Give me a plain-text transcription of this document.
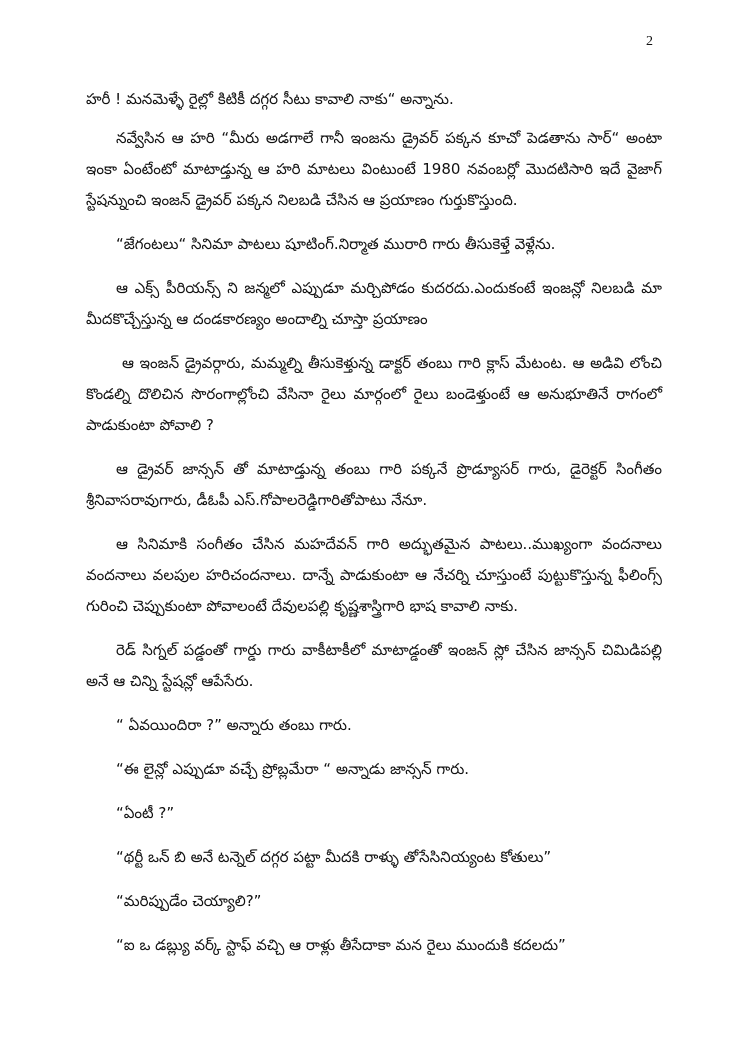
2

హరీ ! మనమెళ్ళే రైల్లో కిటికీ దగ్గర సీటు కావాలి నాకు“ అన్నాను.

నవ్వేసిన ఆ హరి “మీరు అడగాలే గానీ ఇంజను డ్రైవర్ పక్కన కూచో పెడతాను సార్“ అంటా ఇంకా ఏంటేంటో మాటాడ్తున్న ఆ హరి మాటలు వింటుంటే 1980 నవంబర్లో మొదటిసారి ఇదే వైజాగ్ స్టేషన్నుంచి ఇంజన్ డ్రైవర్ పక్కన నిలబడి చేసిన ఆ ప్రయాణం గుర్తుకొస్తుంది.

“జేగంటలు“ సినిమా పాటలు షూటింగ్.నిర్మాత మురారి గారు తీసుకెళ్తే వెళ్లేను.

ఆ ఎక్స్ పీరియన్స్ ని జన్మలో ఎప్పుడూ మర్చిపోడం కుదరదు.ఎందుకంటే ఇంజన్లో నిలబడి మా మీదకొచ్చేస్తున్న ఆ దండకారణ్యం అందాల్ని చూస్తా ప్రయాణం

ఆ ఇంజన్ డ్రైవర్గారు, మమ్మల్ని తీసుకెళ్తున్న డాక్టర్ తంబు గారి క్లాస్ మేటంట. ఆ అడివి లోంచి కొండల్ని దొలిచిన సొరంగాల్లోంచి వేసినా రైలు మార్గంలో రైలు బండెళ్తుంటే ఆ అనుభూతినే రాగంలో పాడుకుంటా పోవాలి ?

ఆ డ్రైవర్ జాన్సన్ తో మాటాడ్తున్న తంబు గారి పక్కనే ప్రొడ్యూసర్ గారు, డైరెక్టర్ సింగీతం శ్రీనివాసరావుగారు, డీఓపీ ఎస్.గోపాలరెడ్డిగారితోపాటు నేనూ.

ఆ సినిమాకి సంగీతం చేసిన మహదేవన్ గారి అద్భుతమైన పాటలు..ముఖ్యంగా వందనాలు వందనాలు వలపుల హరిచందనాలు. దాన్నే పాడుకుంటా ఆ నేచర్ని చూస్తుంటే పుట్టుకొస్తున్న ఫీలింగ్స్ గురించి చెప్పుకుంటా పోవాలంటే దేవులపల్లి కృష్ణశాస్త్రిగారి భాష కావాలి నాకు.

రెడ్ సిగ్నల్ పడ్డంతో గార్డు గారు వాకీటాకీలో మాటాడ్డంతో ఇంజన్ స్లో చేసిన జాన్సన్ చిమిడిపల్లి అనే ఆ చిన్ని స్టేషన్లో ఆపేసేరు.

“ ఏవయిందిరా ?” అన్నారు తంబు గారు.

“ఈ లైన్లో ఎప్పుడూ వచ్చే ప్రోబ్లమేరా “ అన్నాడు జాన్సన్ గారు.

“ఏంటీ ?”

“థర్టీ ఒన్ బి అనే టన్నెల్ దగ్గర పట్టా మీదకి రాళ్ళు తోసేసినియ్యంట కోతులు”

“మరిప్పుడేం చెయ్యాలి?”

“ఐ ఒ డబ్ల్యు వర్క్ స్టాఫ్ వచ్చి ఆ రాళ్లు తీసేదాకా మన రైలు ముందుకి కదలదు”
